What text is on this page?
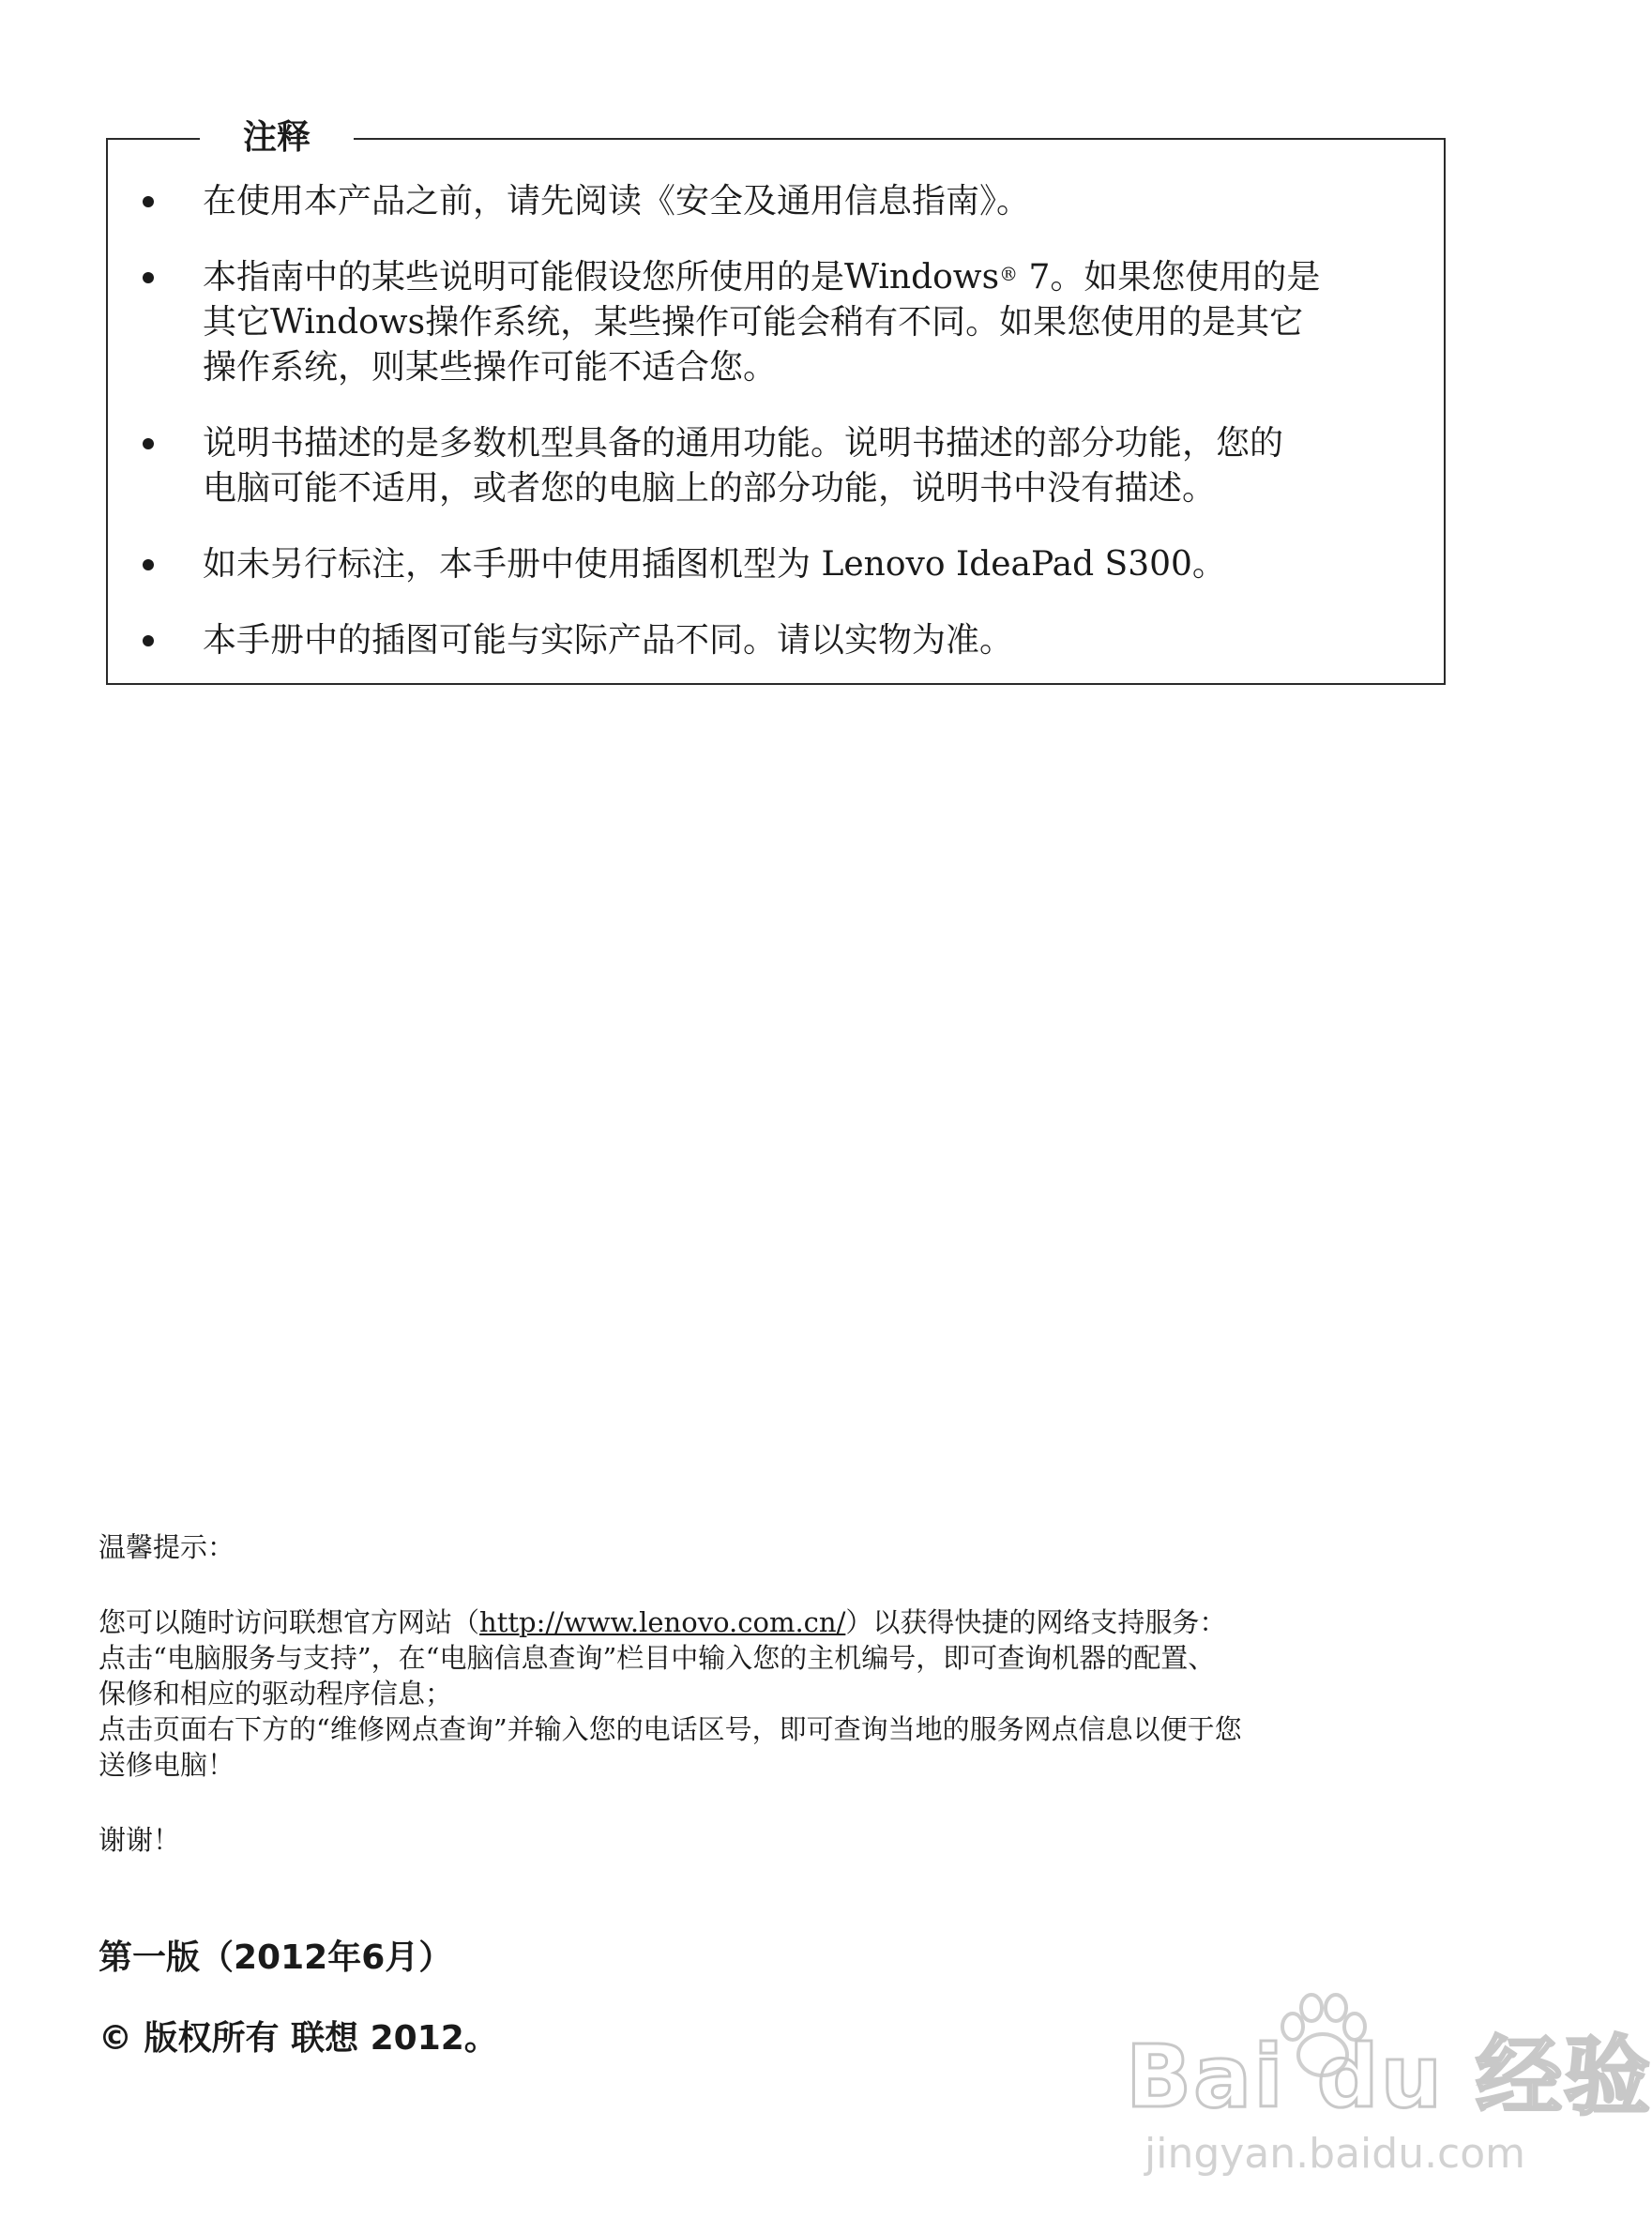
注释
在使用本产品之前，请先阅读《安全及通用信息指南》。
本指南中的某些说明可能假设您所使用的是Windows® 7。如果您使用的是
其它Windows操作系统，某些操作可能会稍有不同。如果您使用的是其它
操作系统，则某些操作可能不适合您。
说明书描述的是多数机型具备的通用功能。说明书描述的部分功能，您的
电脑可能不适用，或者您的电脑上的部分功能，说明书中没有描述。
如未另行标注，本手册中使用插图机型为 Lenovo IdeaPad S300。
本手册中的插图可能与实际产品不同。请以实物为准。

温馨提示：

您可以随时访问联想官方网站（http://www.lenovo.com.cn/）以获得快捷的网络支持服务：

点击“电脑服务与支持”，在“电脑信息查询”栏目中输入您的主机编号，即可查询机器的配置、

保修和相应的驱动程序信息；

点击页面右下方的“维修网点查询”并输入您的电话区号，即可查询当地的服务网点信息以便于您

送修电脑！

谢谢！

第一版（2012年6月）
© 版权所有 联想 2012。	Bai du 经验
jingyan.baidu.com
